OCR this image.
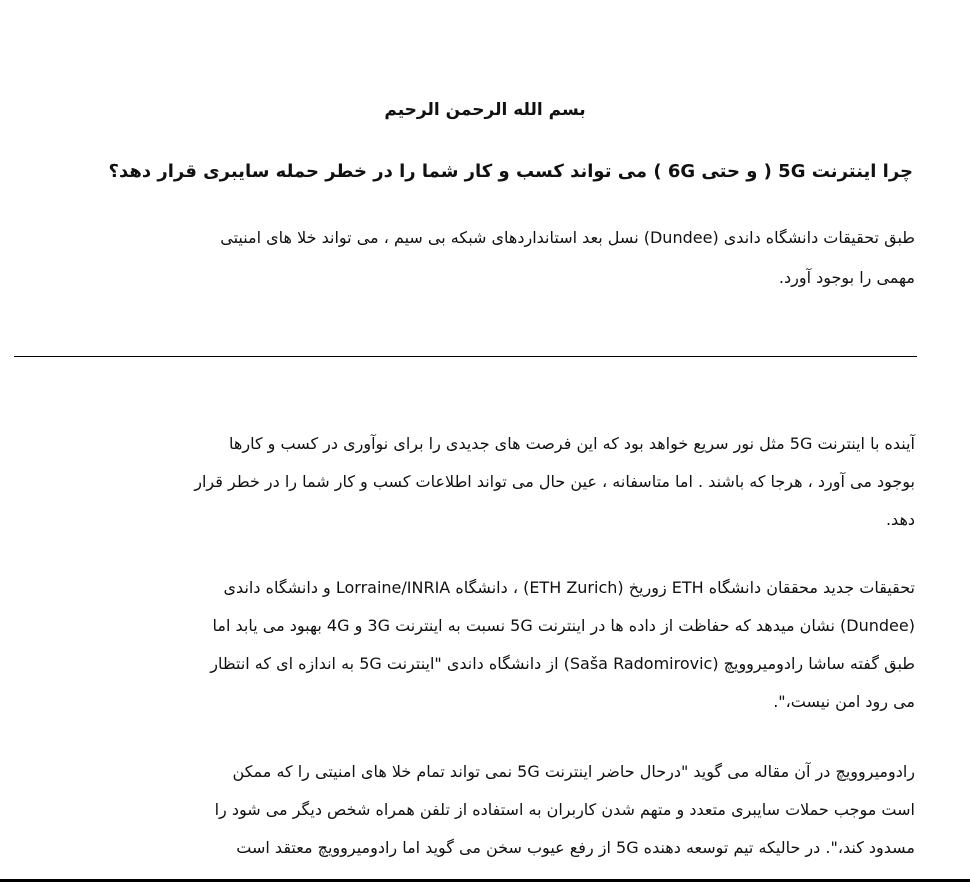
بسم الله الرحمن الرحیم
چرا اینترنت 5G ( و حتی 6G ) می تواند کسب و کار شما را در خطر حمله سایبری قرار دهد؟
طبق تحقیقات دانشگاه داندی (Dundee) نسل بعد استانداردهای شبکه بی سیم ، می تواند خلا های امنیتی
مهمی را بوجود آورد.
آینده با اینترنت 5G مثل نور سریع خواهد بود که این فرصت های جدیدی را برای نوآوری در کسب و کارها
بوجود می آورد ، هرجا که باشند . اما متاسفانه ، عین حال می تواند اطلاعات کسب و کار شما را در خطر قرار
دهد.
تحقیقات جدید محققان دانشگاه ETH زوریخ (ETH Zurich) ، دانشگاه Lorraine/INRIA و دانشگاه داندی
(Dundee) نشان میدهد که حفاظت از داده ها در اینترنت 5G نسبت به اینترنت 3G و 4G بهبود می یابد اما
طبق گفته ساشا رادومیروویچ (Saša Radomirovic) از دانشگاه داندی "اینترنت 5G به اندازه ای که انتظار
می رود امن نیست،".
رادومیروویچ در آن مقاله می گوید "درحال حاضر اینترنت 5G نمی تواند تمام خلا های امنیتی را که ممکن
است موجب حملات سایبری متعدد و متهم شدن کاربران به استفاده از تلفن همراه شخص دیگر می شود را
مسدود کند،". در حالیکه تیم توسعه دهنده 5G از رفع عیوب سخن می گوید اما رادومیروویچ معتقد است
